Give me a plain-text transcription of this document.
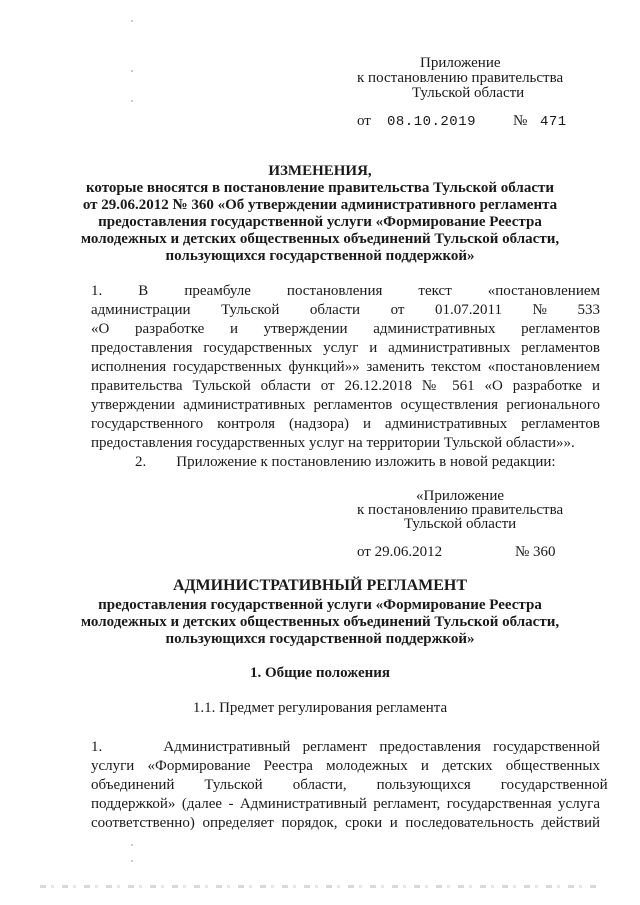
Приложение
к постановлению правительства
Тульской области
от 08.10.2019 № 471
ИЗМЕНЕНИЯ,
которые вносятся в постановление правительства Тульской области
от 29.06.2012 № 360 «Об утверждении административного регламента
предоставления государственной услуги «Формирование Реестра
молодежных и детских общественных объединений Тульской области,
пользующихся государственной поддержкой»
1.        В        преамбуле        постановления        текст        «постановлением
администрации        Тульской        области        от        01.07.2011        №        533
«О     разработке     и     утверждении     административных     регламентов
предоставления государственных услуг и административных регламентов
исполнения государственных функций»» заменить текстом «постановлением
правительства Тульской области от 26.12.2018 № 561 «О разработке и
утверждении административных регламентов осуществления регионального
государственного контроля (надзора) и административных регламентов
предоставления государственных услуг на территории Тульской области»».
2.        Приложение к постановлению изложить в новой редакции:
«Приложение
к постановлению правительства
Тульской области
от 29.06.2012	№ 360
АДМИНИСТРАТИВНЫЙ РЕГЛАМЕНТ
предоставления государственной услуги «Формирование Реестра
молодежных и детских общественных объединений Тульской области,
пользующихся государственной поддержкой»
1. Общие положения
1.1. Предмет регулирования регламента
1.     Административный регламент предоставления государственной
услуги «Формирование Реестра молодежных и детских общественных
объединений        Тульской        области,        пользующихся        государственной
поддержкой» (далее - Административный регламент, государственная услуга
соответственно) определяет порядок, сроки и последовательность действий
